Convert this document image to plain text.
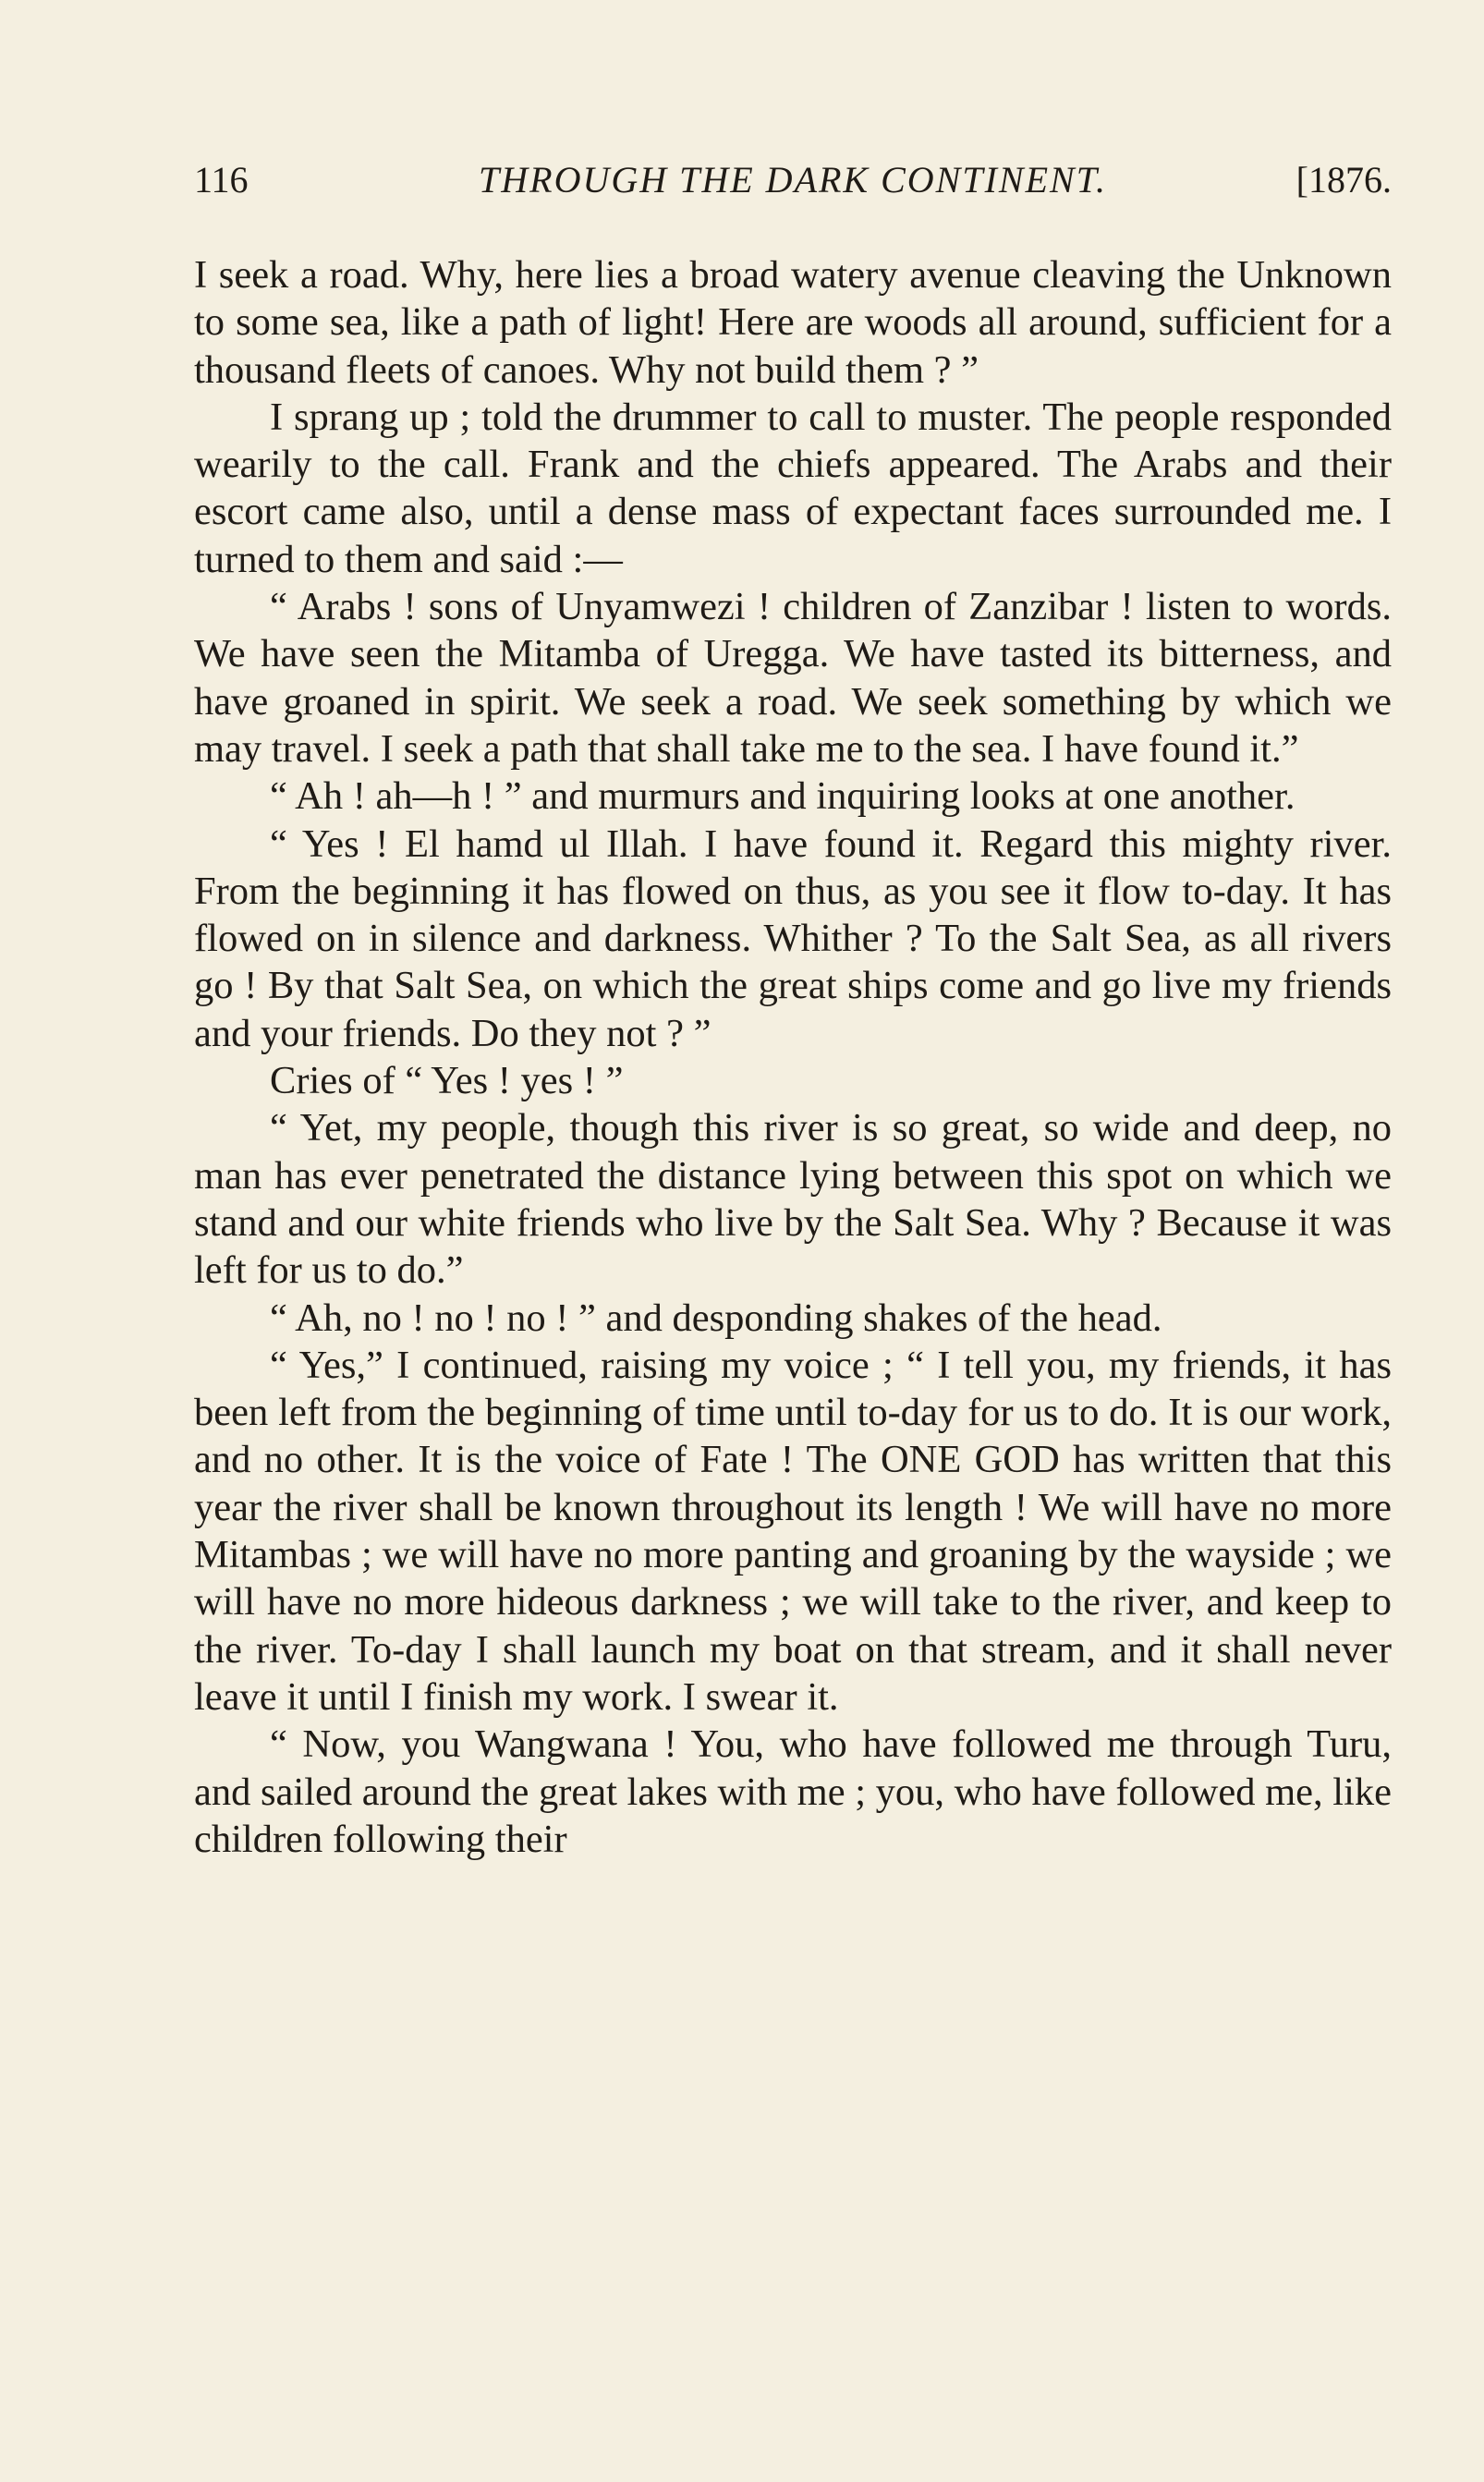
116	THROUGH THE DARK CONTINENT.	[1876.

I seek a road. Why, here lies a broad watery avenue cleaving the Unknown to some sea, like a path of light! Here are woods all around, sufficient for a thousand fleets of canoes. Why not build them ? ”

I sprang up ; told the drummer to call to muster. The people responded wearily to the call. Frank and the chiefs appeared. The Arabs and their escort came also, until a dense mass of expectant faces surrounded me. I turned to them and said :—

“ Arabs ! sons of Unyamwezi ! children of Zanzibar ! listen to words. We have seen the Mitamba of Uregga. We have tasted its bitterness, and have groaned in spirit. We seek a road. We seek something by which we may travel. I seek a path that shall take me to the sea. I have found it.”

“ Ah ! ah—h ! ” and murmurs and inquiring looks at one another.

“ Yes ! El hamd ul Illah. I have found it. Regard this mighty river. From the beginning it has flowed on thus, as you see it flow to-day. It has flowed on in silence and darkness. Whither ? To the Salt Sea, as all rivers go ! By that Salt Sea, on which the great ships come and go live my friends and your friends. Do they not ? ”

Cries of “ Yes ! yes ! ”

“ Yet, my people, though this river is so great, so wide and deep, no man has ever penetrated the distance lying between this spot on which we stand and our white friends who live by the Salt Sea. Why ? Because it was left for us to do.”

“ Ah, no ! no ! no ! ” and desponding shakes of the head.

“ Yes,” I continued, raising my voice ; “ I tell you, my friends, it has been left from the beginning of time until to-day for us to do. It is our work, and no other. It is the voice of Fate ! The ONE GOD has written that this year the river shall be known throughout its length ! We will have no more Mitambas ; we will have no more panting and groaning by the wayside ; we will have no more hideous darkness ; we will take to the river, and keep to the river. To-day I shall launch my boat on that stream, and it shall never leave it until I finish my work. I swear it.

“ Now, you Wangwana ! You, who have followed me through Turu, and sailed around the great lakes with me ; you, who have followed me, like children following their
